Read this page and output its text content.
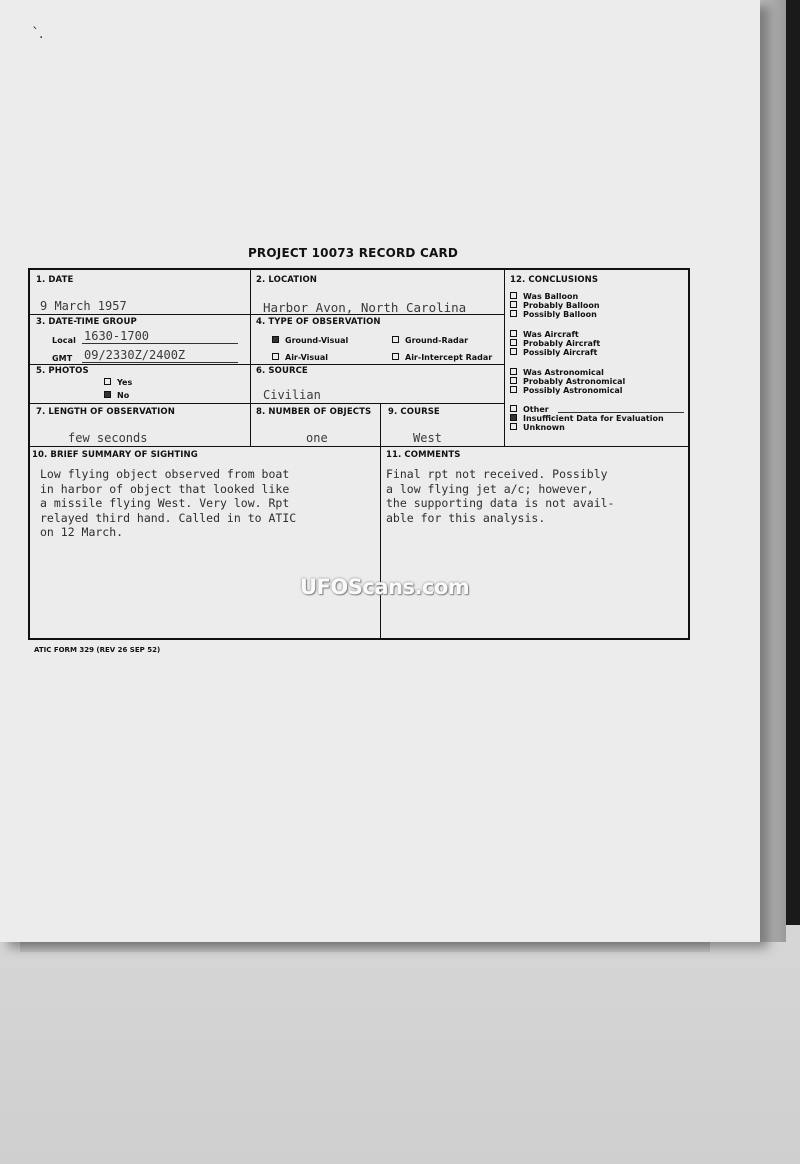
`.
PROJECT 10073 RECORD CARD
1. DATE
9 March 1957
2. LOCATION
Harbor Avon, North Carolina
3. DATE-TIME GROUP
Local 1630-1700
GMT 09/2330Z/2400Z
4. TYPE OF OBSERVATION
Ground-Visual	Ground-Radar
Air-Visual	Air-Intercept Radar
5. PHOTOS
Yes
No
6. SOURCE
Civilian
7. LENGTH OF OBSERVATION
few seconds
8. NUMBER OF OBJECTS
one
9. COURSE
West
10. BRIEF SUMMARY OF SIGHTING
Low flying object observed from boat
in harbor of object that looked like
a missile flying West. Very low. Rpt
relayed third hand. Called in to ATIC
on 12 March.
11. COMMENTS
Final rpt not received. Possibly
a low flying jet a/c; however,
the supporting data is not avail-
able for this analysis.
12. CONCLUSIONS
Was Balloon
Probably Balloon
Possibly Balloon
Was Aircraft
Probably Aircraft
Possibly Aircraft
Was Astronomical
Probably Astronomical
Possibly Astronomical
Other
Insufficient Data for Evaluation
Unknown
UFOScans.com
ATIC FORM 329 (REV 26 SEP 52)
